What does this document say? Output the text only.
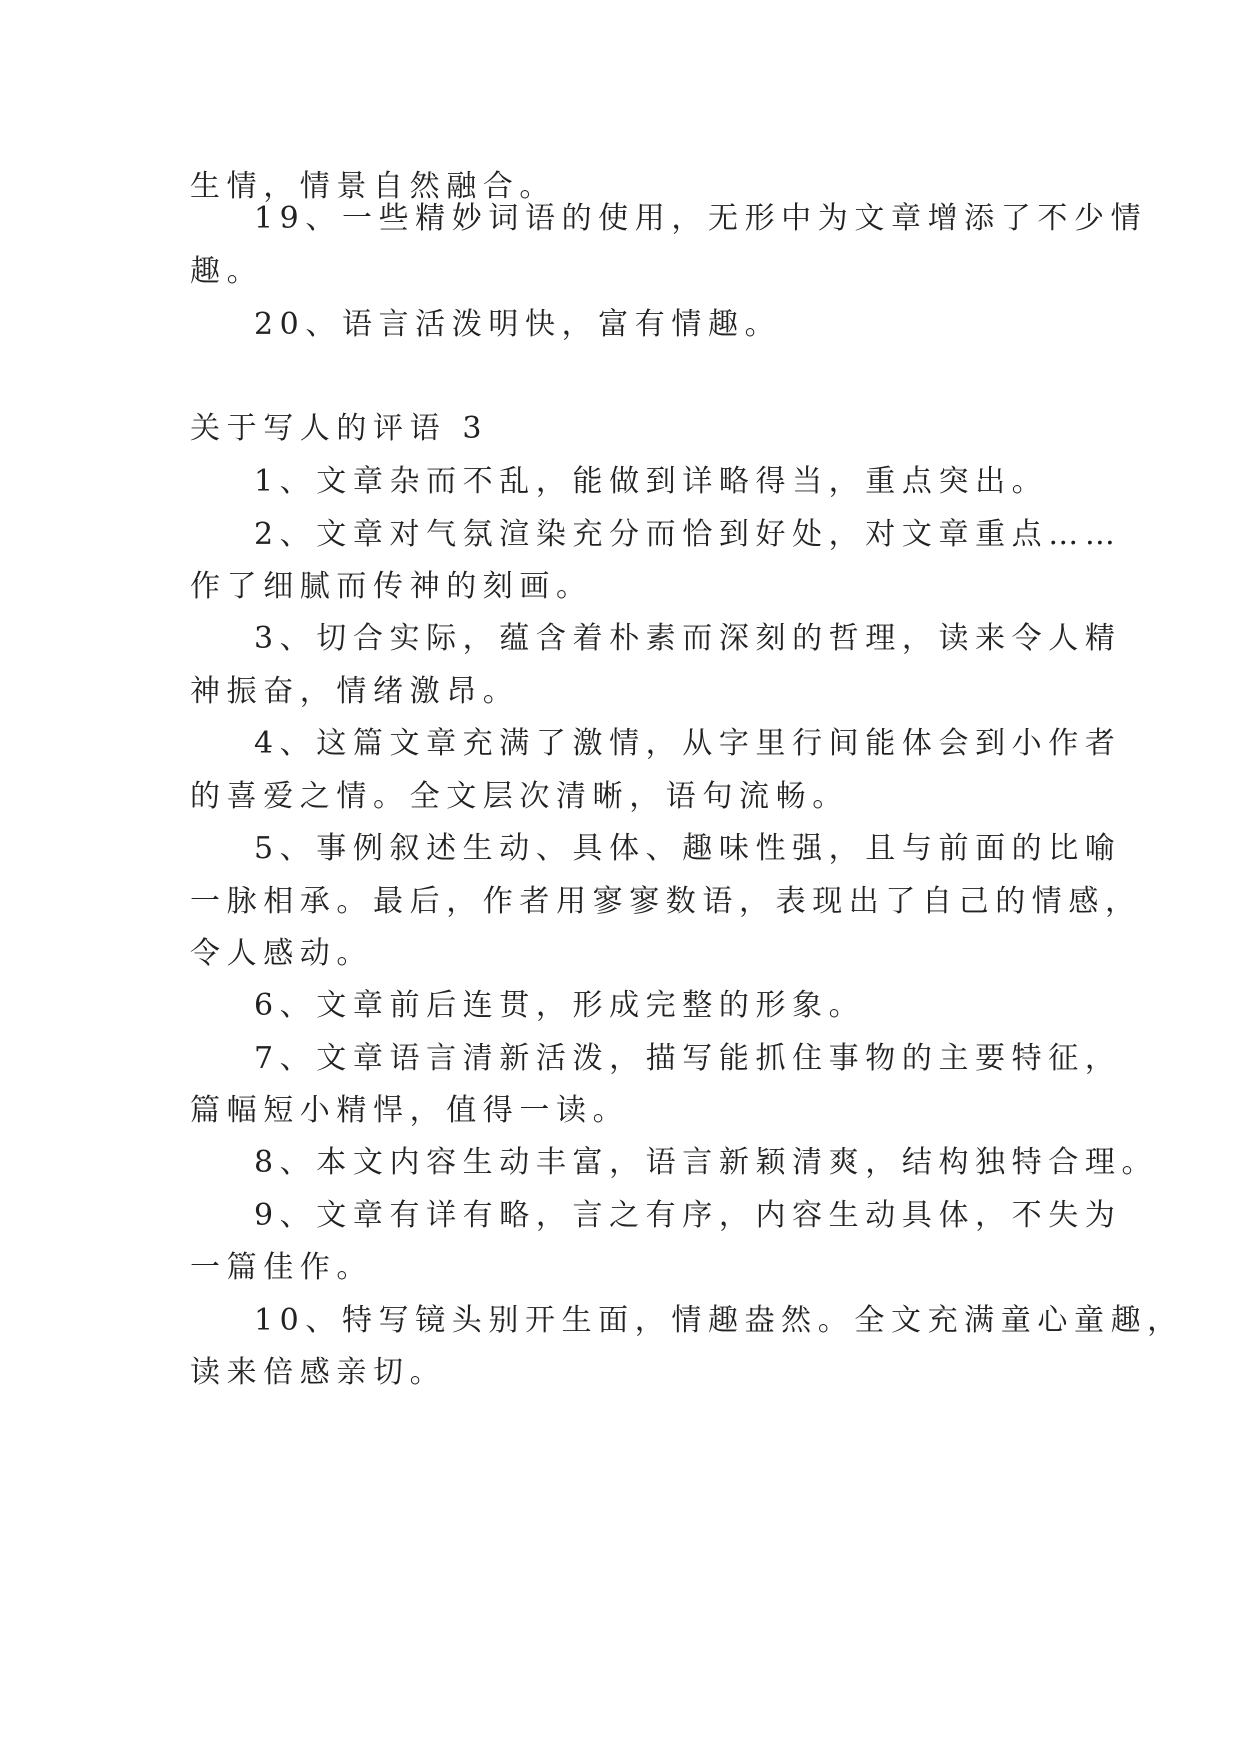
生情，情景自然融合。
19、一些精妙词语的使用，无形中为文章增添了不少情
趣。
20、语言活泼明快，富有情趣。
关于写人的评语 3
1、文章杂而不乱，能做到详略得当，重点突出。
2、文章对气氛渲染充分而恰到好处，对文章重点……
作了细腻而传神的刻画。
3、切合实际，蕴含着朴素而深刻的哲理，读来令人精
神振奋，情绪激昂。
4、这篇文章充满了激情，从字里行间能体会到小作者
的喜爱之情。全文层次清晰，语句流畅。
5、事例叙述生动、具体、趣味性强，且与前面的比喻
一脉相承。最后，作者用寥寥数语，表现出了自己的情感，
令人感动。
6、文章前后连贯，形成完整的形象。
7、文章语言清新活泼，描写能抓住事物的主要特征，
篇幅短小精悍，值得一读。
8、本文内容生动丰富，语言新颖清爽，结构独特合理。
9、文章有详有略，言之有序，内容生动具体，不失为
一篇佳作。
10、特写镜头别开生面，情趣盎然。全文充满童心童趣，
读来倍感亲切。
